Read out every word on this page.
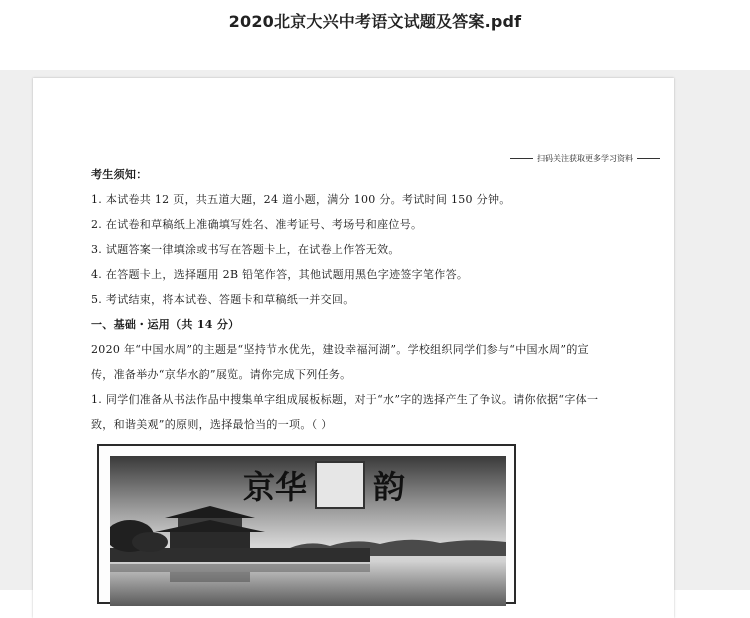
2020北京大兴中考语文试题及答案.pdf
扫码关注获取更多学习资料
考生须知：
1. 本试卷共 12 页，共五道大题，24 道小题，满分 100 分。考试时间 150 分钟。
2. 在试卷和草稿纸上准确填写姓名、准考证号、考场号和座位号。
3. 试题答案一律填涂或书写在答题卡上，在试卷上作答无效。
4. 在答题卡上，选择题用 2B 铅笔作答，其他试题用黑色字迹签字笔作答。
5. 考试结束，将本试卷、答题卡和草稿纸一并交回。
一、基础・运用（共 14 分）
2020 年“中国水周”的主题是“坚持节水优先，建设幸福河湖”。学校组织同学们参与“中国水周”的宣
传，准备举办“京华水韵”展览。请你完成下列任务。
1. 同学们准备从书法作品中搜集单字组成展板标题，对于“水”字的选择产生了争议。请你依据“字体一
致，和谐美观”的原则，选择最恰当的一项。（ ）
京华 韵
